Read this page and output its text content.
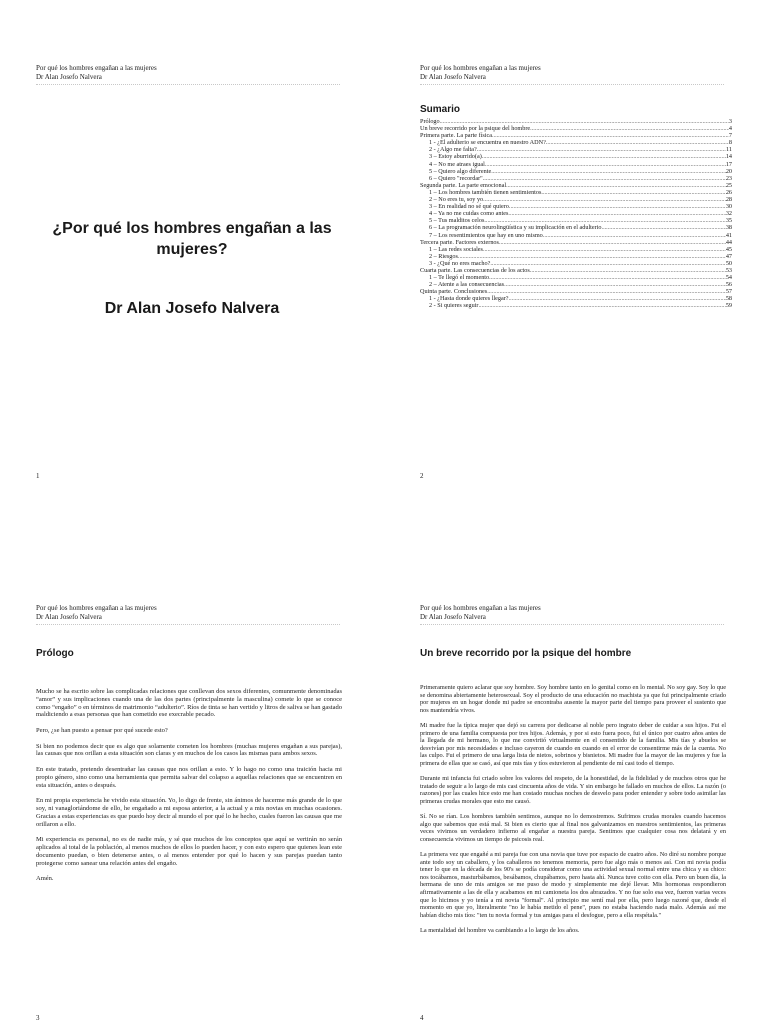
Por qué los hombres engañan a las mujeres
Dr Alan Josefo Nalvera
¿Por qué los hombres engañan a las mujeres?
Dr Alan Josefo Nalvera
1
Por qué los hombres engañan a las mujeres
Dr Alan Josefo Nalvera
Sumario
Prólogo .....	3
Un breve recorrido por la psique del hombre .....	4
Primera parte. La parte física .....	7
1 - ¿El adulterio se encuentra en nuestro ADN? .....	8
2 - ¿Algo me falta? .....	11
3 – Estoy aburrido(a) .....	14
4 – No me atraes igual .....	17
5 – Quiero algo diferente .....	20
6 – Quiero "recordar" .....	23
Segunda parte. La parte emocional .....	25
1 – Los hombres también tienen sentimientos .....	26
2 – No eres tu, soy yo .....	28
3 – En realidad no sé qué quiero .....	30
4 – Ya no me cuidas como antes .....	32
5 – Tus malditos celos .....	35
6 – La programación neurolingüística y su implicación en el adulterio .....	38
7 – Los resentimientos que hay en uno mismo .....	41
Tercera parte. Factores externos .....	44
1 – Las redes sociales .....	45
2 – Riesgos .....	47
3 - ¿Qué no eres macho? .....	50
Cuarta parte. Las consecuencias de los actos .....	53
1 – Te llegó el momento .....	54
2 – Atente a las consecuencias .....	56
Quinta parte. Conclusiones .....	57
1 - ¿Hasta donde quieres llegar? .....	58
2 - Si quieres seguir .....	59
2
Por qué los hombres engañan a las mujeres
Dr Alan Josefo Nalvera
Prólogo

Mucho se ha escrito sobre las complicadas relaciones que conllevan dos sexos diferentes, comunmente denominadas “amor” y sus implicaciones cuando una de las dos partes (principalmente la masculina) comete lo que se conoce como “engaño” o en términos de matrimonio “adulterio”. Ríos de tinta se han vertido y litros de saliva se han gastado maldiciendo a esas personas que han cometido ese execrable pecado.

Pero, ¿se han puesto a pensar por qué sucede esto?

Si bien no podemos decir que es algo que solamente cometen los hombres (muchas mujeres engañan a sus parejas), las causas que nos orillan a esta situación son claras y en muchos de los casos las mismas para ambos sexos.

En este tratado, pretendo desentrañar las causas que nos orillan a esto. Y lo hago no como una traición hacia mi propio género, sino como una herramienta que permita salvar del colapso a aquellas relaciones que se encuentren en esta situación, antes o después.

En mi propia experiencia he vivido esta situación. Yo, lo digo de frente, sin ánimos de hacerme más grande de lo que soy, ni vanagloriándome de ello, he engañado a mi esposa anterior, a la actual y a mis novias en muchas ocasiones. Gracias a estas experiencias es que puedo hoy decir al mundo el por qué lo he hecho, cuales fueron las causas que me orillaron a ello.

Mi experiencia es personal, no es de nadie más, y sé que muchos de los conceptos que aquí se vertirán no serán aplicados al total de la población, al menos muchos de ellos lo pueden hacer, y con esto espero que quienes lean este documento puedan, o bien detenerse antes, o al menos entender por qué lo hacen y sus parejas puedan tanto protegerse como sanear una relación antes del engaño.

Amén.

3
Por qué los hombres engañan a las mujeres
Dr Alan Josefo Nalvera
Un breve recorrido por la psique del hombre

Primeramente quiero aclarar que soy hombre. Soy hombre tanto en lo genital como en lo mental. No soy gay. Soy lo que se denomina abiertamente heterosexual. Soy el producto de una educación no machista ya que fui principalmente criado por mujeres en un hogar donde mi padre se encontraba ausente la mayor parte del tiempo para proveer el sustento que nos mantendría vivos.

Mi madre fue la típica mujer que dejó su carrera por dedicarse al noble pero ingrato deber de cuidar a sus hijos. Fui el primero de una familia compuesta por tres hijos. Además, y por si esto fuera poco, fui el único por cuatro años antes de la llegada de mi hermano, lo que me convirtió virtualmente en el consentido de la familia. Mis tías y abuelos se desvivían por mis necesidades e incluso cayeron de cuando en cuando en el error de consentirme más de la cuenta. No las culpo. Fui el primero de una larga lista de nietos, sobrinos y bisnietos. Mi madre fue la mayor de las mujeres y fue la primera de ellas que se casó, así que mis tías y tíos estuvieron al pendiente de mí casi todo el tiempo.

Durante mi infancia fui criado sobre los valores del respeto, de la honestidad, de la fidelidad y de muchos otros que he tratado de seguir a lo largo de mis casi cincuenta años de vida. Y sin embargo he fallado en muchos de ellos. La razón (o razones) por las cuales hice esto me han costado muchas noches de desvelo para poder entender y sobre todo asimilar las primeras crudas morales que esto me causó.

Sí. No se rían. Los hombres también sentimos, aunque no lo demostremos. Sufrimos crudas morales cuando hacemos algo que sabemos que está mal. Si bien es cierto que al final nos galvanizamos en nuestros sentimientos, las primeras veces vivimos un verdadero infierno al engañar a nuestra pareja. Sentimos que cualquier cosa nos delatará y en consecuencia vivimos un tiempo de psicosis real.

La primera vez que engañé a mi pareja fue con una novia que tuve por espacio de cuatro años. No diré su nombre porque ante todo soy un caballero, y los caballeros no tenemos memoria, pero fue algo más o menos así. Con mi novia podía tener lo que en la década de los 90's se podía considerar como una actividad sexual normal entre una chica y su chico: nos tocábamos, masturbábamos, besábamos, chupábamos, pero hasta ahí. Nunca tuve coito con ella. Pero un buen día, la hermana de uno de mis amigos se me puso de modo y simplemente me dejé llevar. Mis hormonas respondieron afirmativamente a las de ella y acabamos en mi camioneta los dos abrazados. Y no fue solo esa vez, fueron varias veces que lo hicimos y yo tenía a mi novia "formal". Al principio me sentí mal por ella, pero luego razoné que, desde el momento en que yo, literalmente "no le había metido el pene", pues no estaba haciendo nada malo. Además así me habían dicho mis tíos: "ten tu novia formal y tus amigas para el desfogue, pero a ella respétala."

La mentalidad del hombre va cambiando a lo largo de los años.

4
